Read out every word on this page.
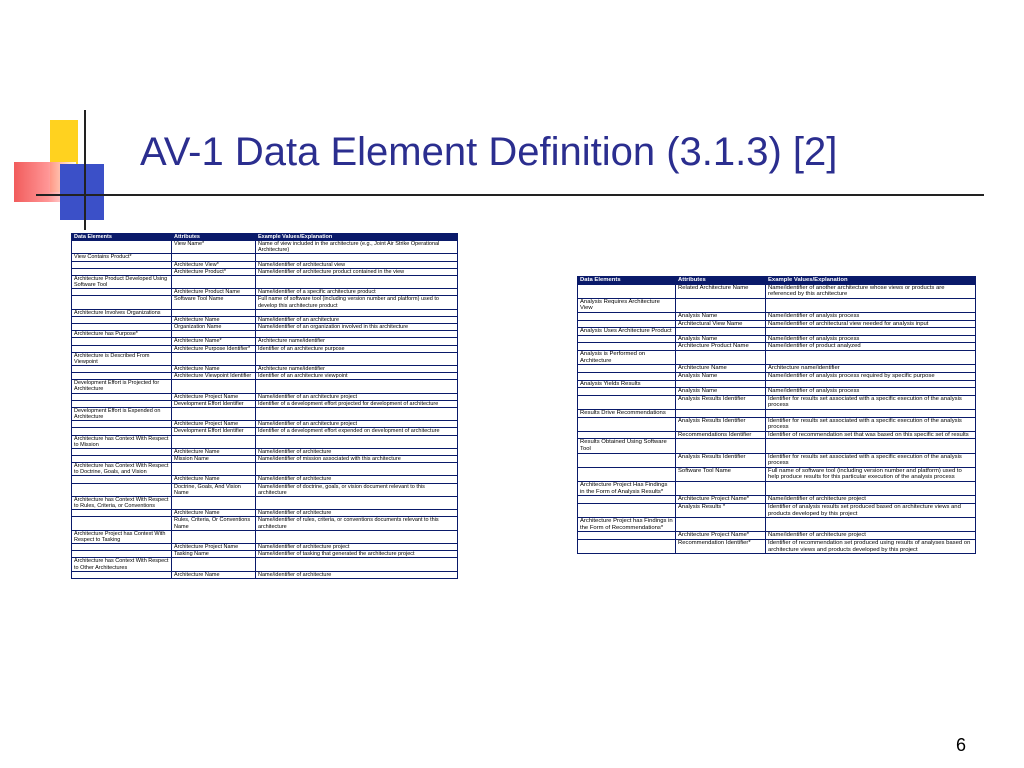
AV-1 Data Element Definition (3.1.3) [2]
Data Elements	Attributes	Example Values/Explanation
	View Name*	Name of view included in the architecture (e.g., Joint Air Strike Operational Architecture)
View Contains Product*		
	Architecture View*	Name/identifier of architectural view
	Architecture Product*	Name/identifier of architecture product contained in the view
Architecture Product Developed Using Software Tool		
	Architecture Product Name	Name/identifier of a specific architecture product
	Software Tool Name	Full name of software tool (including version number and platform) used to develop this architecture product
Architecture Involves Organizations		
	Architecture Name	Name/identifier of an architecture
	Organization Name	Name/identifier of an organization involved in this architecture
Architecture has Purpose*		
	Architecture Name*	Architecture name/identifier
	Architecture Purpose Identifier*	Identifier of an architecture purpose
Architecture is Described From Viewpoint		
	Architecture Name	Architecture name/identifier
	Architecture Viewpoint Identifier	Identifier of an architecture viewpoint
Development Effort is Projected for Architecture		
	Architecture Project Name	Name/identifier of an architecture project
	Development Effort Identifier	Identifier of a development effort projected for development of architecture
Development Effort is Expended on Architecture		
	Architecture Project Name	Name/identifier of an architecture project
	Development Effort Identifier	Identifier of a development effort expended on development of architecture
Architecture has Context With Respect to Mission		
	Architecture Name	Name/identifier of architecture
	Mission Name	Name/identifier of mission associated with this architecture
Architecture has Context With Respect to Doctrine, Goals, and Vision		
	Architecture Name	Name/identifier of architecture
	Doctrine, Goals, And Vision Name	Name/identifier of doctrine, goals, or vision document relevant to this architecture
Architecture has Context With Respect to Rules, Criteria, or Conventions		
	Architecture Name	Name/identifier of architecture
	Rules, Criteria, Or Conventions Name	Name/identifier of rules, criteria, or conventions documents relevant to this architecture
Architecture Project has Context With Respect to Tasking		
	Architecture Project Name	Name/identifier of architecture project
	Tasking Name	Name/identifier of tasking that generated the architecture project
Architecture has Context With Respect to Other Architectures		
	Architecture Name	Name/identifier of architecture
Data Elements	Attributes	Example Values/Explanation
	Related Architecture Name	Name/identifier of another architecture whose views or products are referenced by this architecture
Analysis Requires Architecture View		
	Analysis Name	Name/identifier of analysis process
	Architectural View Name	Name/identifier of architectural view needed for analysis input
Analysis Uses Architecture Product		
	Analysis Name	Name/identifier of analysis process
	Architecture Product Name	Name/identifier of product analyzed
Analysis is Performed on Architecture		
	Architecture Name	Architecture name/identifier
	Analysis Name	Name/identifier of analysis process required by specific purpose
Analysis Yields Results		
	Analysis Name	Name/identifier of analysis process
	Analysis Results Identifier	Identifier for results set associated with a specific execution of the analysis process
Results Drive Recommendations		
	Analysis Results Identifier	Identifier for results set associated with a specific execution of the analysis process
	Recommendations Identifier	Identifier of recommendation set that was based on this specific set of results
Results Obtained Using Software Tool		
	Analysis Results Identifier	Identifier for results set associated with a specific execution of the analysis process
	Software Tool Name	Full name of software tool (including version number and platform) used to help produce results for this particular execution of the analysis process
Architecture Project Has Findings in the Form of Analysis Results*		
	Architecture Project Name*	Name/identifier of architecture project
	Analysis Results *	Identifier of analysis results set produced based on architecture views and products developed by this project
Architecture Project has Findings in the Form of Recommendations*		
	Architecture Project Name*	Name/identifier of architecture project
	Recommendation Identifier*	Identifier of recommendation set produced using results of analyses based on architecture views and products developed by this project
6
